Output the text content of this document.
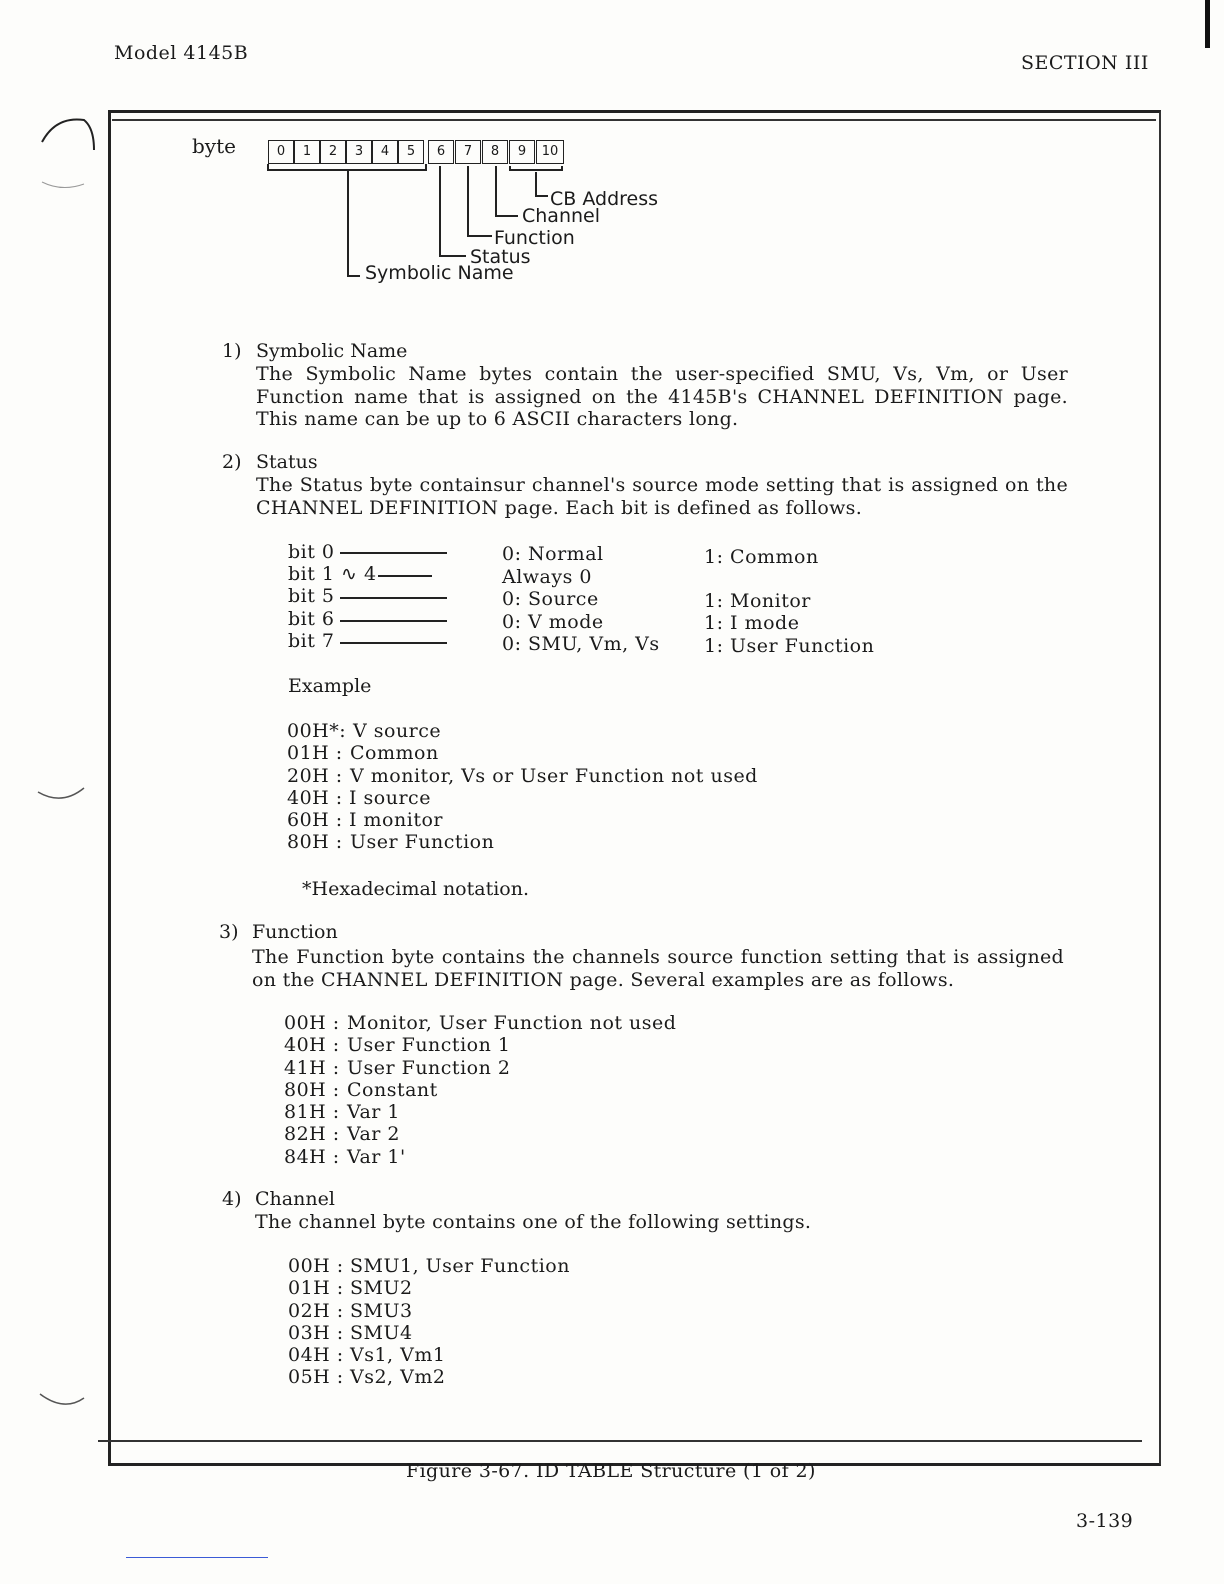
Model 4145B	SECTION III
byte	0	1	2	3	4	5	6	7	8	9	10
CB Address
Channel
Function
Status
Symbolic Name
1) Symbolic Name
The Symbolic Name bytes contain the user-specified SMU, Vs, Vm, or User
Function name that is assigned on the 4145B's CHANNEL DEFINITION page.
This name can be up to 6 ASCII characters long.
2) Status
The Status byte containsur channel's source mode setting that is assigned on the
CHANNEL DEFINITION page. Each bit is defined as follows.
bit 0	0: Normal	1: Common
bit 1 ∿ 4	Always 0
bit 5	0: Source	1: Monitor
bit 6	0: V mode	1: I mode
bit 7	0: SMU, Vm, Vs 1: User Function
Example
00H*: V source
01H : Common
20H : V monitor, Vs or User Function not used
40H : I source
60H : I monitor
80H : User Function
*Hexadecimal notation.
3) Function
The Function byte contains the channels source function setting that is assigned
on the CHANNEL DEFINITION page. Several examples are as follows.
00H : Monitor, User Function not used
40H : User Function 1
41H : User Function 2
80H : Constant
81H : Var 1
82H : Var 2
84H : Var 1'
4) Channel
The channel byte contains one of the following settings.
00H : SMU1, User Function
01H : SMU2
02H : SMU3
03H : SMU4
04H : Vs1, Vm1
05H : Vs2, Vm2
Figure 3-67. ID TABLE Structure (1 of 2)
3-139
